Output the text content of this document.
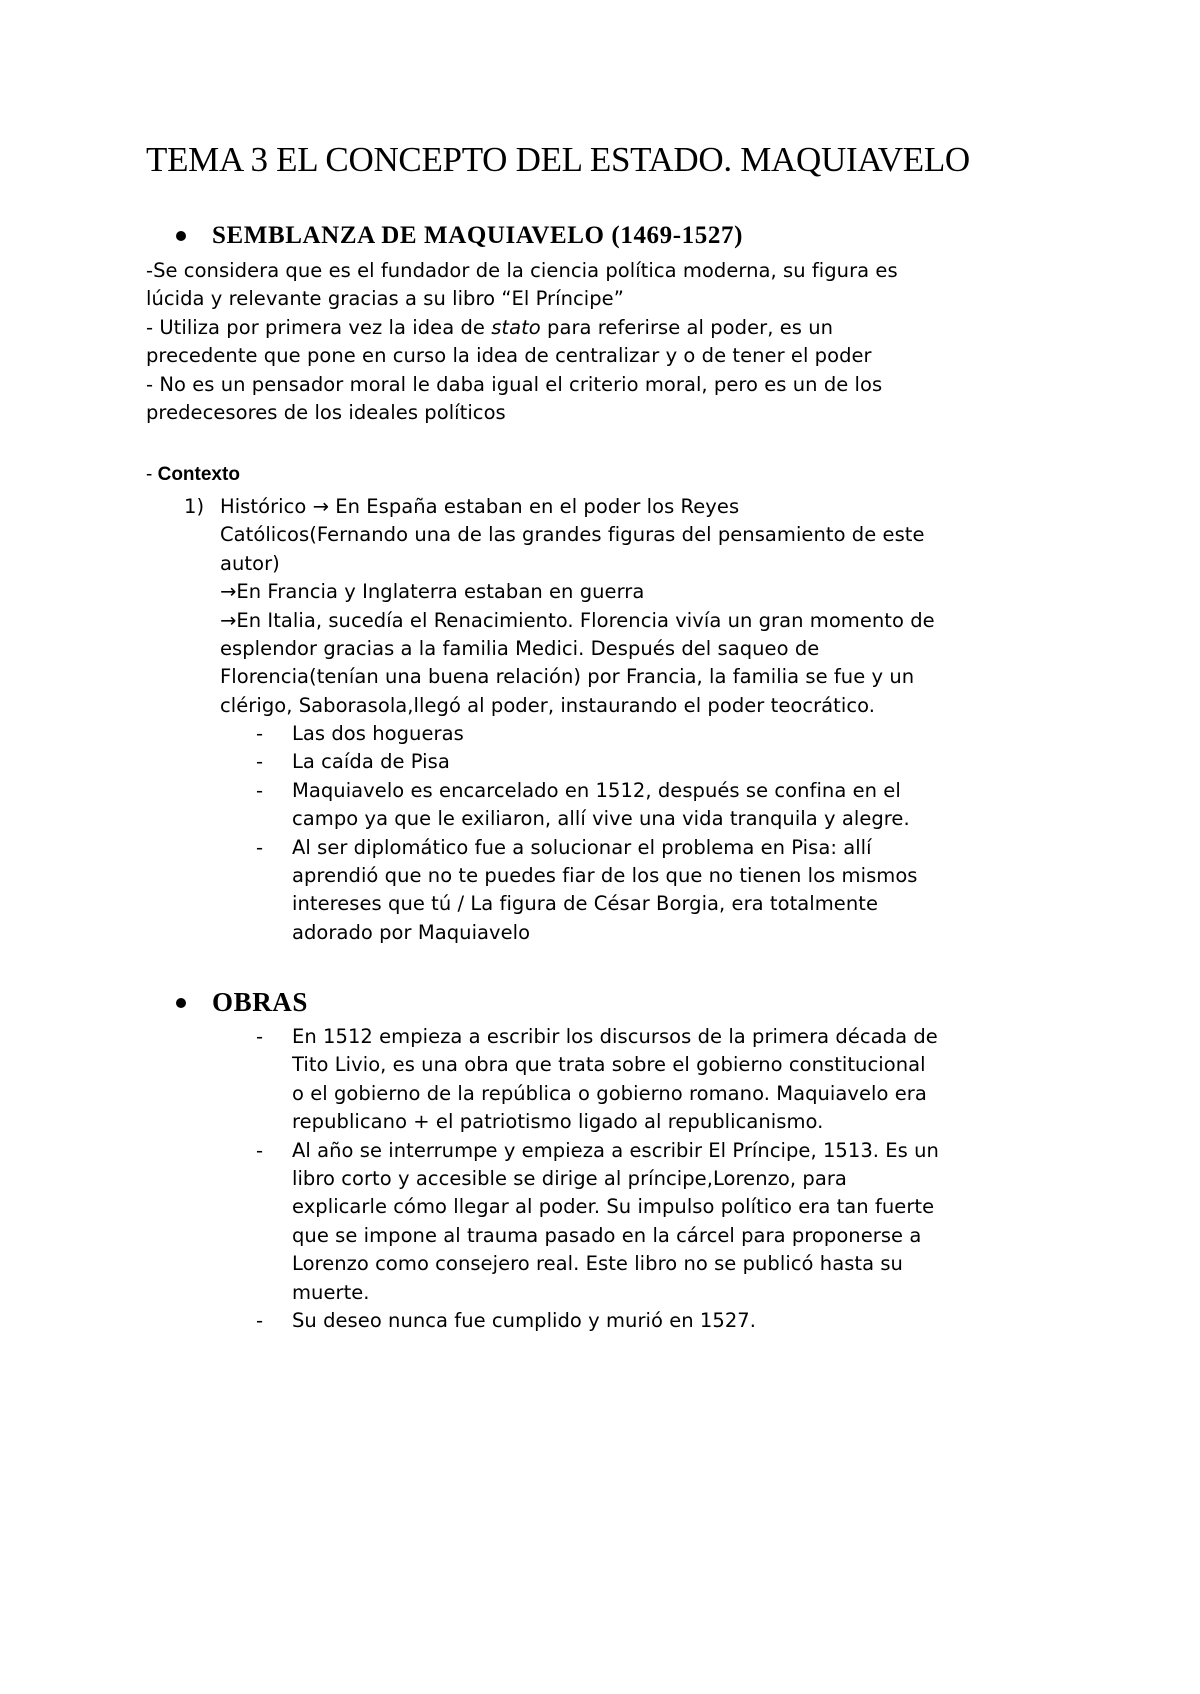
TEMA 3 EL CONCEPTO DEL ESTADO. MAQUIAVELO
SEMBLANZA DE MAQUIAVELO (1469-1527)
-Se considera que es el fundador de la ciencia política moderna, su figura es
lúcida y relevante gracias a su libro “El Príncipe”
- Utiliza por primera vez la idea de stato para referirse al poder, es un
precedente que pone en curso la idea de centralizar y o de tener el poder
- No es un pensador moral le daba igual el criterio moral, pero es un de los
predecesores de los ideales políticos
- Contexto
1) Histórico → En España estaban en el poder los Reyes
Católicos(Fernando una de las grandes figuras del pensamiento de este
autor)
→En Francia y Inglaterra estaban en guerra
→En Italia, sucedía el Renacimiento. Florencia vivía un gran momento de
esplendor gracias a la familia Medici. Después del saqueo de
Florencia(tenían una buena relación) por Francia, la familia se fue y un
clérigo, Saborasola,llegó al poder, instaurando el poder teocrático.
- Las dos hogueras
- La caída de Pisa
- Maquiavelo es encarcelado en 1512, después se confina en el
campo ya que le exiliaron, allí vive una vida tranquila y alegre.
- Al ser diplomático fue a solucionar el problema en Pisa: allí
aprendió que no te puedes fiar de los que no tienen los mismos
intereses que tú / La figura de César Borgia, era totalmente
adorado por Maquiavelo
OBRAS
- En 1512 empieza a escribir los discursos de la primera década de
Tito Livio, es una obra que trata sobre el gobierno constitucional
o el gobierno de la república o gobierno romano. Maquiavelo era
republicano + el patriotismo ligado al republicanismo.
- Al año se interrumpe y empieza a escribir El Príncipe, 1513. Es un
libro corto y accesible se dirige al príncipe,Lorenzo, para
explicarle cómo llegar al poder. Su impulso político era tan fuerte
que se impone al trauma pasado en la cárcel para proponerse a
Lorenzo como consejero real. Este libro no se publicó hasta su
muerte.
- Su deseo nunca fue cumplido y murió en 1527.
